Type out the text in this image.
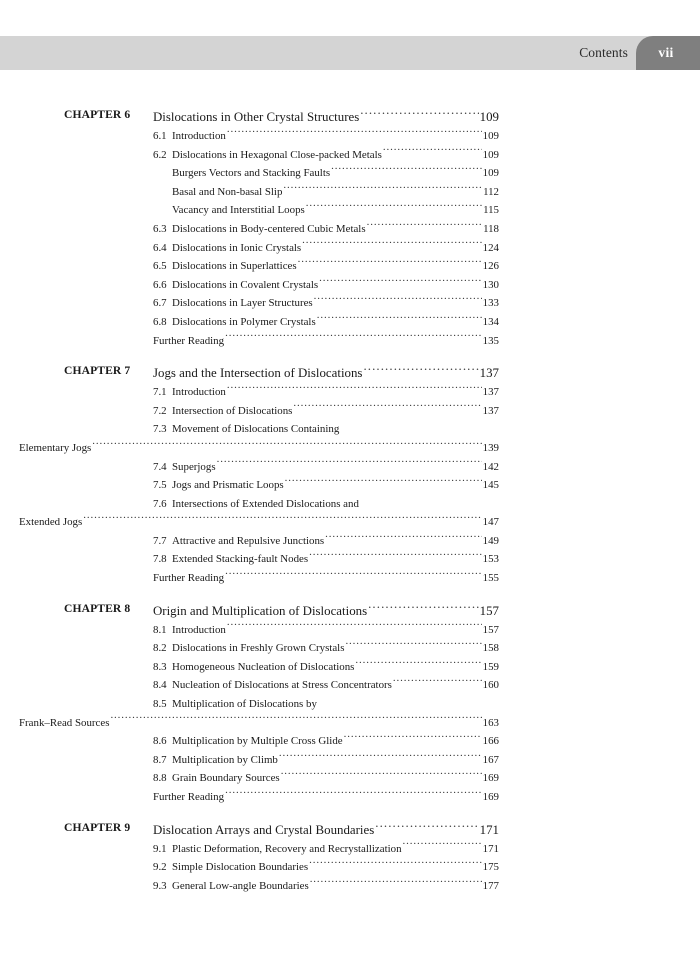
Contents vii
CHAPTER 6	Dislocations in Other Crystal Structures .....	109
6.1 Introduction .....	109
6.2 Dislocations in Hexagonal Close-packed Metals .....	109
Burgers Vectors and Stacking Faults .....	109
Basal and Non-basal Slip .....	112
Vacancy and Interstitial Loops .....	115
6.3 Dislocations in Body-centered Cubic Metals .....	118
6.4 Dislocations in Ionic Crystals .....	124
6.5 Dislocations in Superlattices .....	126
6.6 Dislocations in Covalent Crystals .....	130
6.7 Dislocations in Layer Structures .....	133
6.8 Dislocations in Polymer Crystals .....	134
Further Reading .....	135
CHAPTER 7	Jogs and the Intersection of Dislocations .....	137
7.1 Introduction .....	137
7.2 Intersection of Dislocations .....	137
7.3 Movement of Dislocations Containing
Elementary Jogs .....	139
7.4 Superjogs .....	142
7.5 Jogs and Prismatic Loops .....	145
7.6 Intersections of Extended Dislocations and
Extended Jogs .....	147
7.7 Attractive and Repulsive Junctions .....	149
7.8 Extended Stacking-fault Nodes .....	153
Further Reading .....	155
CHAPTER 8	Origin and Multiplication of Dislocations .....	157
8.1 Introduction .....	157
8.2 Dislocations in Freshly Grown Crystals .....	158
8.3 Homogeneous Nucleation of Dislocations .....	159
8.4 Nucleation of Dislocations at Stress Concentrators .....	160
8.5 Multiplication of Dislocations by
Frank–Read Sources .....	163
8.6 Multiplication by Multiple Cross Glide .....	166
8.7 Multiplication by Climb .....	167
8.8 Grain Boundary Sources .....	169
Further Reading .....	169
CHAPTER 9	Dislocation Arrays and Crystal Boundaries .....	171
9.1 Plastic Deformation, Recovery and Recrystallization .....	171
9.2 Simple Dislocation Boundaries .....	175
9.3 General Low-angle Boundaries .....	177
